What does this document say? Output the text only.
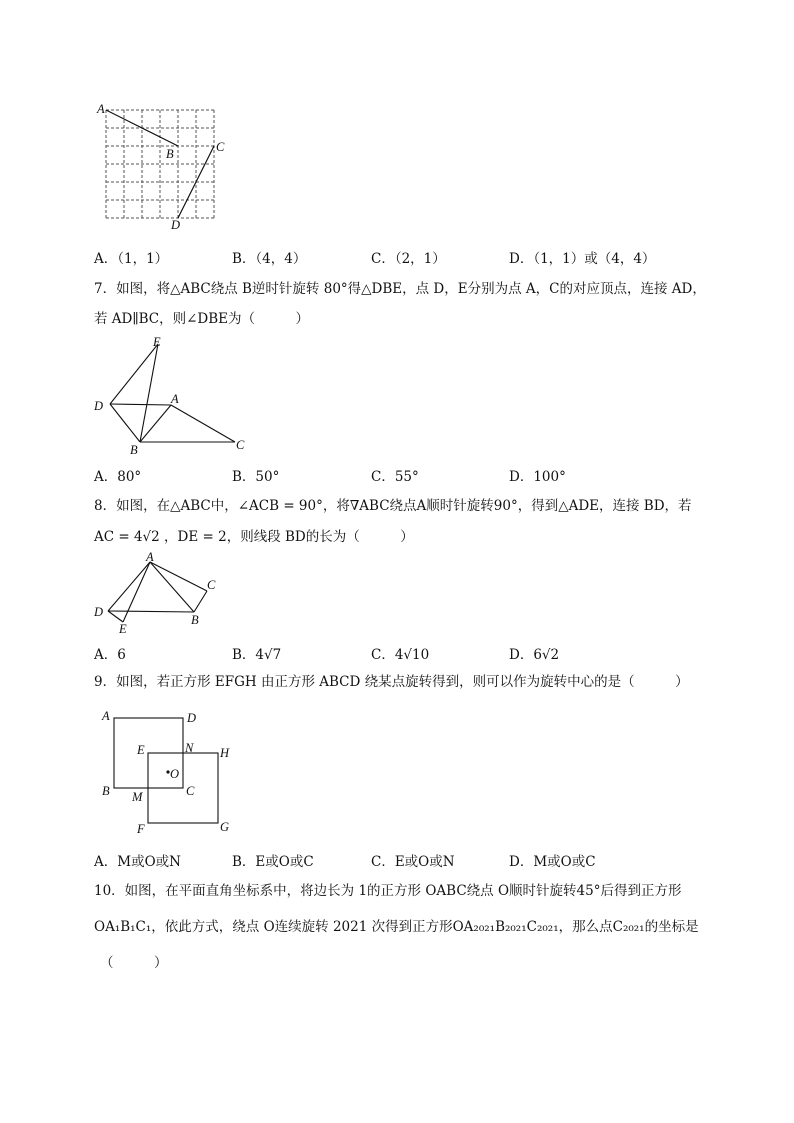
A
B	C
D
A．（1，1）	B．（4，4）	C．（2，1）	D．（1，1）或（4，4）
7．如图，将△ABC绕点 B逆时针旋转 80°得△DBE，点 D，E分别为点 A，C的对应顶点，连接 AD，
若 AD∥BC，则∠DBE为（　　　）
E
D	A
B	C
A．80°	B．50°	C．55°	D．100°
8．如图，在△ABC中，∠ACB = 90°，将∇ABC绕点A顺时针旋转90°，得到△ADE，连接 BD，若
AC = 4√2 ，DE = 2，则线段 BD的长为（　　　）
A
C
D
E
B
A．6	B．4√7	C．4√10	D．6√2
9．如图，若正方形 EFGH 由正方形 ABCD 绕某点旋转得到，则可以作为旋转中心的是（　　　）
A	D
E	N H
O
B M	C
F	G
A．M或O或N	B．E或O或C	C．E或O或N	D．M或O或C
10．如图，在平面直角坐标系中，将边长为 1的正方形 OABC绕点 O顺时针旋转45°后得到正方形
OA₁B₁C₁，依此方式，绕点 O连续旋转 2021 次得到正方形OA₂₀₂₁B₂₀₂₁C₂₀₂₁，那么点C₂₀₂₁的坐标是
（　　　）
